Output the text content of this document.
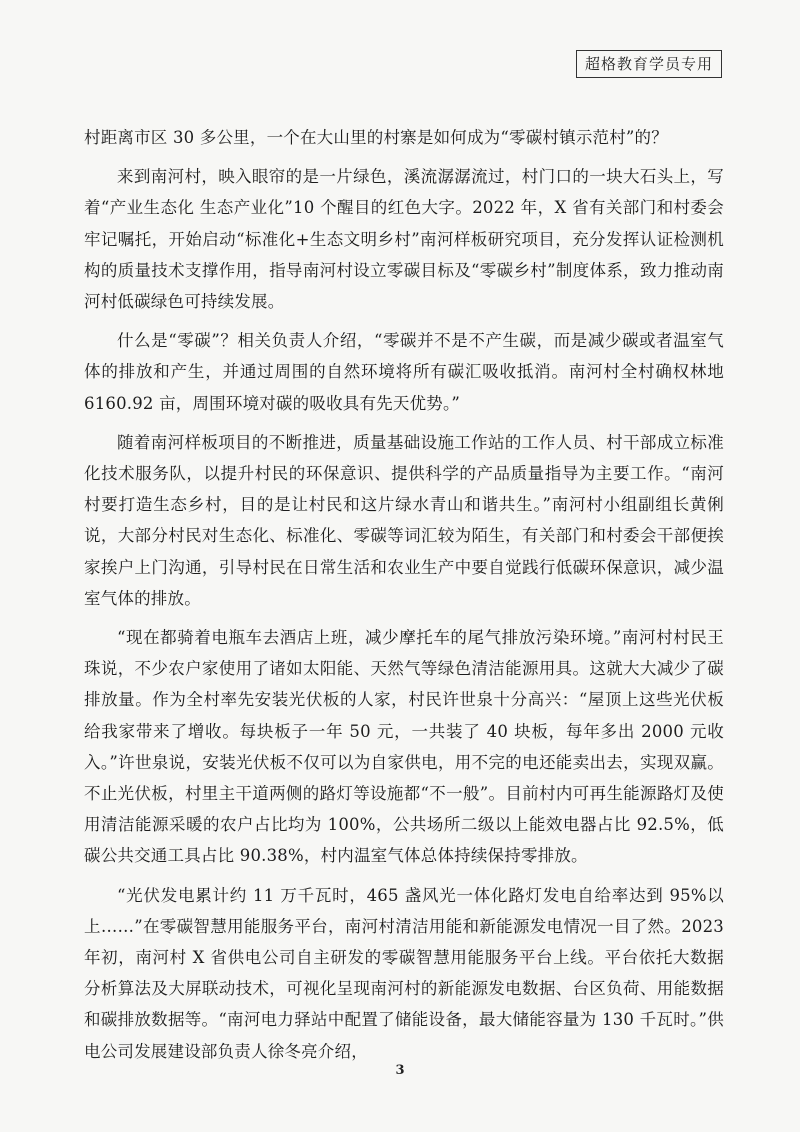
超格教育学员专用

村距离市区 30 多公里，一个在大山里的村寨是如何成为“零碳村镇示范村”的？

来到南河村，映入眼帘的是一片绿色，溪流潺潺流过，村门口的一块大石头上，写着“产业生态化 生态产业化”10 个醒目的红色大字。2022 年，X 省有关部门和村委会牢记嘱托，开始启动“标准化+生态文明乡村”南河样板研究项目，充分发挥认证检测机构的质量技术支撑作用，指导南河村设立零碳目标及“零碳乡村”制度体系，致力推动南河村低碳绿色可持续发展。

什么是“零碳”？相关负责人介绍，“零碳并不是不产生碳，而是减少碳或者温室气体的排放和产生，并通过周围的自然环境将所有碳汇吸收抵消。南河村全村确权林地 6160.92 亩，周围环境对碳的吸收具有先天优势。”

随着南河样板项目的不断推进，质量基础设施工作站的工作人员、村干部成立标准化技术服务队，以提升村民的环保意识、提供科学的产品质量指导为主要工作。“南河村要打造生态乡村，目的是让村民和这片绿水青山和谐共生。”南河村小组副组长黄俐说，大部分村民对生态化、标准化、零碳等词汇较为陌生，有关部门和村委会干部便挨家挨户上门沟通，引导村民在日常生活和农业生产中要自觉践行低碳环保意识，减少温室气体的排放。

“现在都骑着电瓶车去酒店上班，减少摩托车的尾气排放污染环境。”南河村村民王珠说，不少农户家使用了诸如太阳能、天然气等绿色清洁能源用具。这就大大减少了碳排放量。作为全村率先安装光伏板的人家，村民许世泉十分高兴：“屋顶上这些光伏板给我家带来了增收。每块板子一年 50 元，一共装了 40 块板，每年多出 2000 元收入。”许世泉说，安装光伏板不仅可以为自家供电，用不完的电还能卖出去，实现双赢。不止光伏板，村里主干道两侧的路灯等设施都“不一般”。目前村内可再生能源路灯及使用清洁能源采暖的农户占比均为 100%，公共场所二级以上能效电器占比 92.5%，低碳公共交通工具占比 90.38%，村内温室气体总体持续保持零排放。

“光伏发电累计约 11 万千瓦时，465 盏风光一体化路灯发电自给率达到 95%以上……”在零碳智慧用能服务平台，南河村清洁用能和新能源发电情况一目了然。2023 年初，南河村 X 省供电公司自主研发的零碳智慧用能服务平台上线。平台依托大数据分析算法及大屏联动技术，可视化呈现南河村的新能源发电数据、台区负荷、用能数据和碳排放数据等。“南河电力驿站中配置了储能设备，最大储能容量为 130 千瓦时。”供电公司发展建设部负责人徐冬亮介绍，

3
